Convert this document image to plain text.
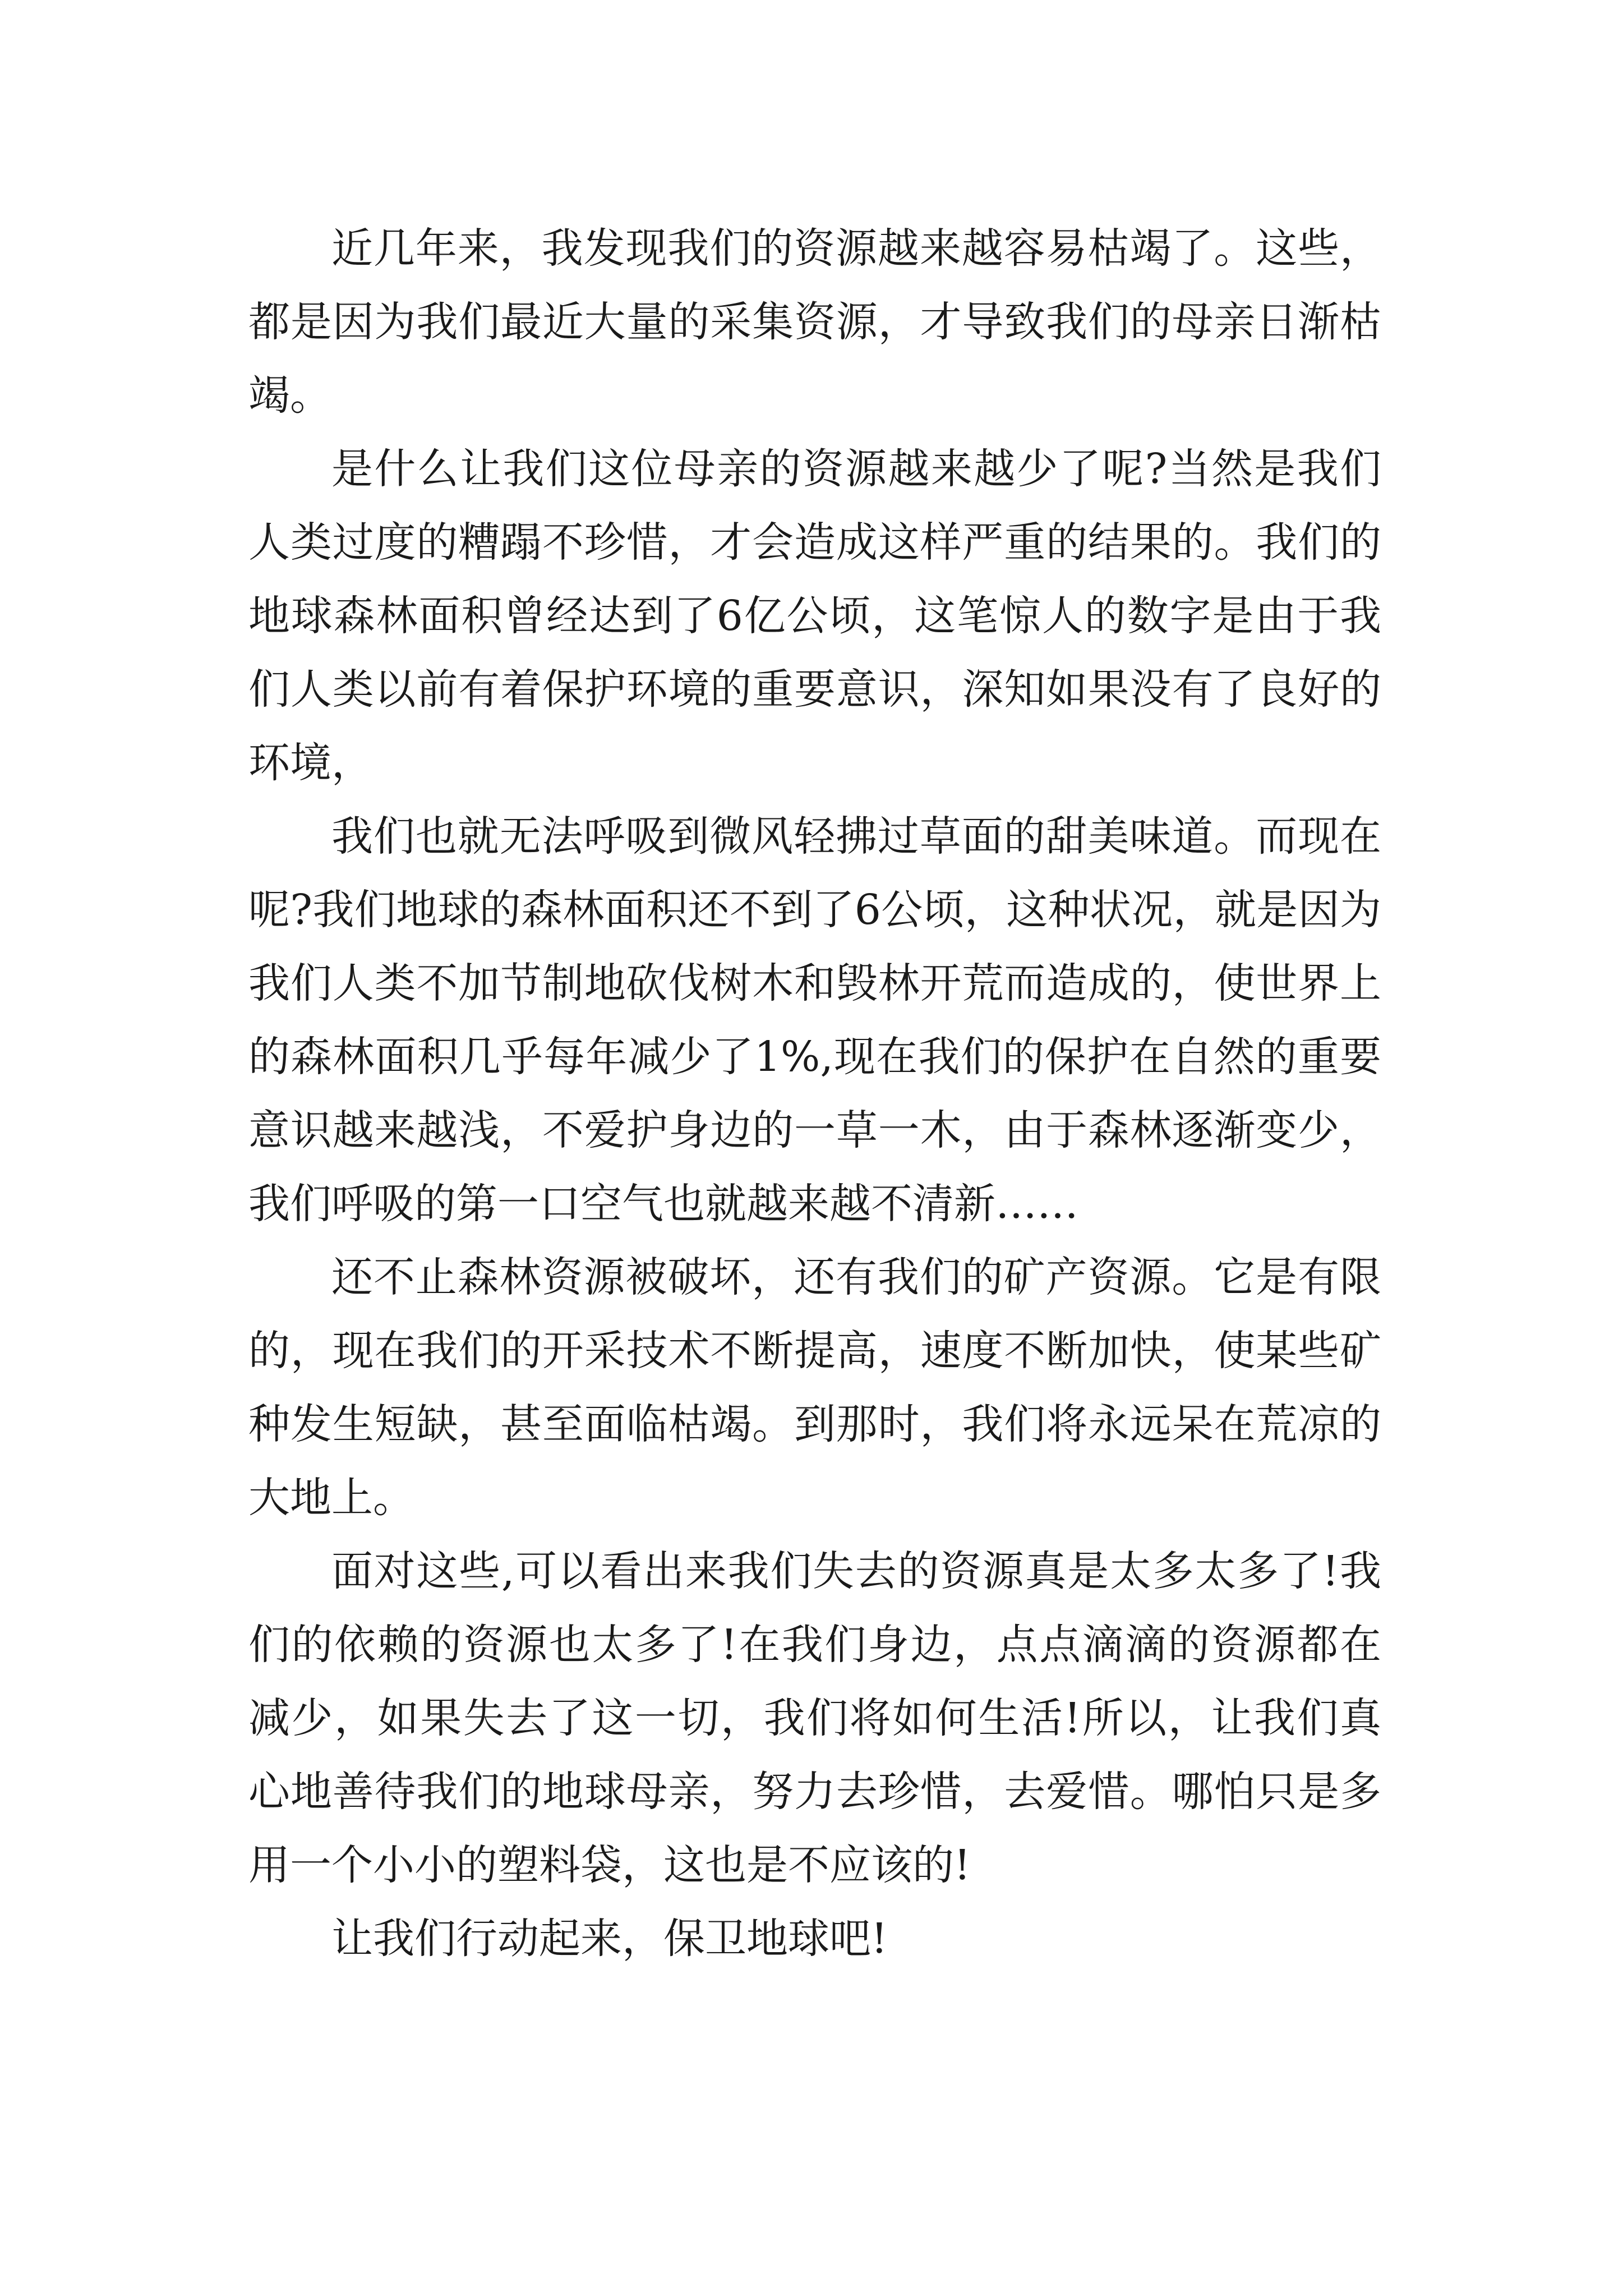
近几年来，我发现我们的资源越来越容易枯竭了。这些，都是因为我们最近大量的采集资源，才导致我们的母亲日渐枯竭。

是什么让我们这位母亲的资源越来越少了呢?当然是我们人类过度的糟蹋不珍惜，才会造成这样严重的结果的。我们的地球森林面积曾经达到了6亿公顷，这笔惊人的数字是由于我们人类以前有着保护环境的重要意识，深知如果没有了良好的环境，

我们也就无法呼吸到微风轻拂过草面的甜美味道。而现在呢?我们地球的森林面积还不到了6公顷，这种状况，就是因为我们人类不加节制地砍伐树木和毁林开荒而造成的，使世界上的森林面积几乎每年减少了1%,现在我们的保护在自然的重要意识越来越浅，不爱护身边的一草一木，由于森林逐渐变少，我们呼吸的第一口空气也就越来越不清新……

还不止森林资源被破坏，还有我们的矿产资源。它是有限的，现在我们的开采技术不断提高，速度不断加快，使某些矿种发生短缺，甚至面临枯竭。到那时，我们将永远呆在荒凉的大地上。

面对这些,可以看出来我们失去的资源真是太多太多了!我们的依赖的资源也太多了!在我们身边，点点滴滴的资源都在减少，如果失去了这一切，我们将如何生活!所以，让我们真心地善待我们的地球母亲，努力去珍惜，去爱惜。哪怕只是多用一个小小的塑料袋，这也是不应该的!

让我们行动起来，保卫地球吧!
